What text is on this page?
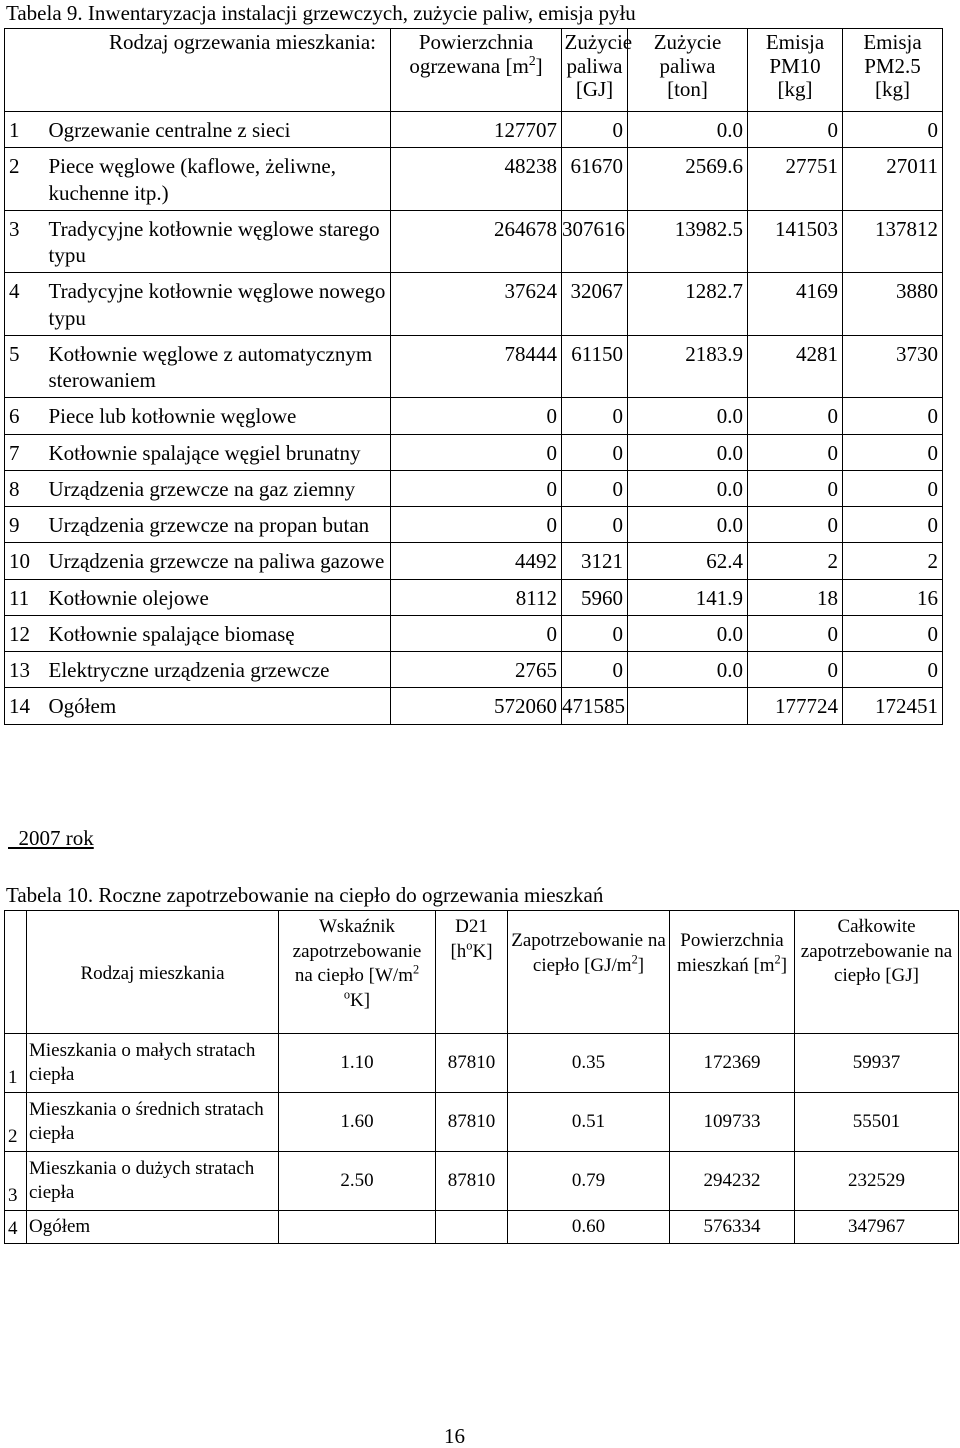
Tabela 9. Inwentaryzacja instalacji grzewczych, zużycie paliw, emisja pyłu
Rodzaj ogrzewania mieszkania:		Powierzchnia ogrzewana $[m^2]$	Zużycie paliwa [GJ]	Zużycie paliwa [ton]	Emisja PM10 [kg]	Emisja PM2.5 [kg]
1	Ogrzewanie centralne z sieci	127707	0	0.0	0	0
2	Piece węglowe (kaflowe, żeliwne, kuchenne itp.)	48238	61670	2569.6	27751	27011
3	Tradycyjne kotłownie węglowe starego typu	264678	307616	13982.5	141503	137812
4	Tradycyjne kotłownie węglowe nowego typu	37624	32067	1282.7	4169	3880
5	Kotłownie węglowe z automatycznym sterowaniem	78444	61150	2183.9	4281	3730
6	Piece lub kotłownie węglowe	0	0	0.0	0	0
7	Kotłownie spalające węgiel brunatny	0	0	0.0	0	0
8	Urządzenia grzewcze na gaz ziemny	0	0	0.0	0	0
9	Urządzenia grzewcze na propan butan	0	0	0.0	0	0
10	Urządzenia grzewcze na paliwa gazowe	4492	3121	62.4	2	2
11	Kotłownie olejowe	8112	5960	141.9	18	16
12	Kotłownie spalające biomasę	0	0	0.0	0	0
13	Elektryczne urządzenia grzewcze	2765	0	0.0	0	0
14	Ogółem	572060	471585		177724	172451
2007 rok
Tabela 10. Roczne zapotrzebowanie na ciepło do ogrzewania mieszkań
	Rodzaj mieszkania	Wskaźnik zapotrzebowanie na ciepło [$W/m^2$ $^o$K]	D21 $[h^oK]$	Zapotrzebowanie na ciepło $[GJ/m^2]$	Powierzchnia mieszkań $[m^2]$	Całkowite zapotrzebowanie na ciepło [GJ]
1	Mieszkania o małych stratach ciepła	1.10	87810	0.35	172369	59937
2	Mieszkania o średnich stratach ciepła	1.60	87810	0.51	109733	55501
3	Mieszkania o dużych stratach ciepła	2.50	87810	0.79	294232	232529
4	Ogółem			0.60	576334	347967
16
